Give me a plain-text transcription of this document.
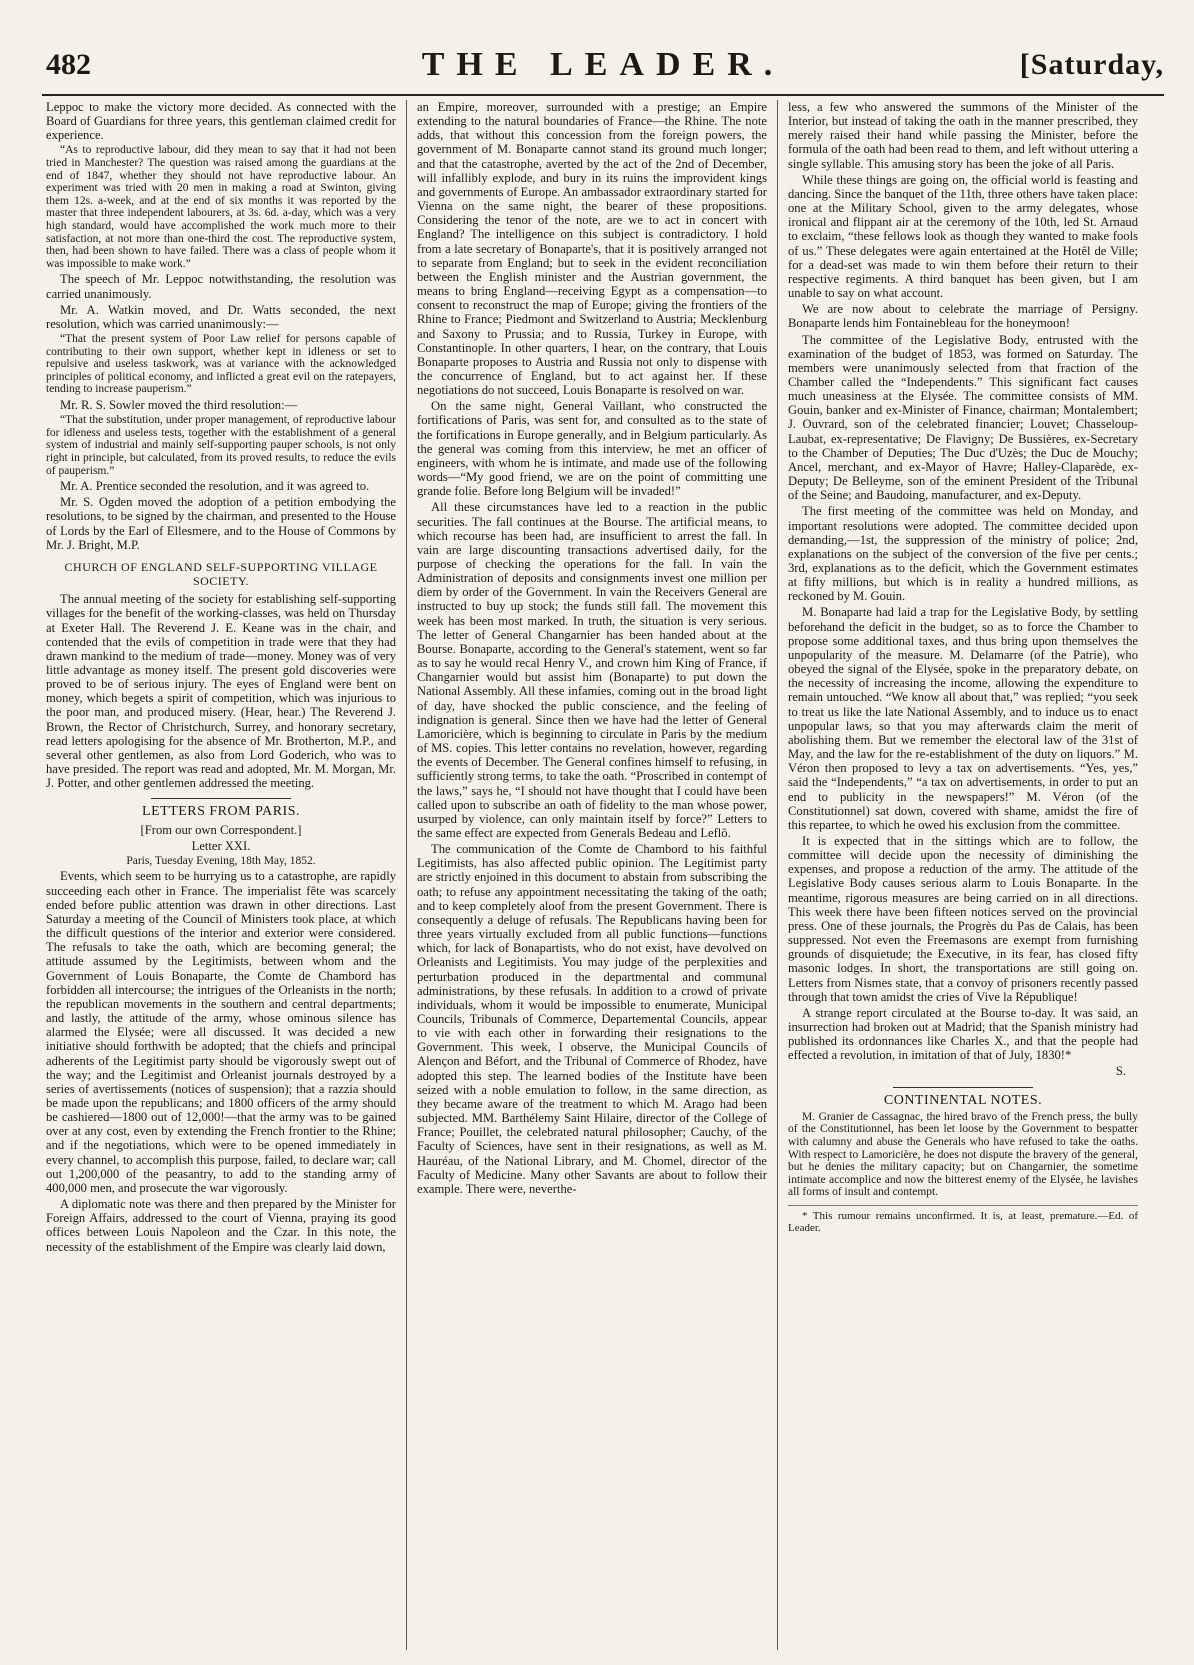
482	THE LEADER.	[Saturday,

Leppoc to make the victory more decided. As connected with the Board of Guardians for three years, this gentleman claimed credit for experience.

“As to reproductive labour, did they mean to say that it had not been tried in Manchester? The question was raised among the guardians at the end of 1847, whether they should not have reproductive labour. An experiment was tried with 20 men in making a road at Swinton, giving them 12s. a-week, and at the end of six months it was reported by the master that three independent labourers, at 3s. 6d. a-day, which was a very high standard, would have accomplished the work much more to their satisfaction, at not more than one-third the cost. The reproductive system, then, had been shown to have failed. There was a class of people whom it was impossible to make work.”

The speech of Mr. Leppoc notwithstanding, the resolution was carried unanimously.

Mr. A. Watkin moved, and Dr. Watts seconded, the next resolution, which was carried unanimously:—

“That the present system of Poor Law relief for persons capable of contributing to their own support, whether kept in idleness or set to repulsive and useless taskwork, was at variance with the acknowledged principles of political economy, and inflicted a great evil on the ratepayers, tending to increase pauperism.”

Mr. R. S. Sowler moved the third resolution:—

“That the substitution, under proper management, of reproductive labour for idleness and useless tests, together with the establishment of a general system of industrial and mainly self-supporting pauper schools, is not only right in principle, but calculated, from its proved results, to reduce the evils of pauperism.”

Mr. A. Prentice seconded the resolution, and it was agreed to.

Mr. S. Ogden moved the adoption of a petition embodying the resolutions, to be signed by the chairman, and presented to the House of Lords by the Earl of Ellesmere, and to the House of Commons by Mr. J. Bright, M.P.

CHURCH OF ENGLAND SELF-SUPPORTING VILLAGE SOCIETY.

The annual meeting of the society for establishing self-supporting villages for the benefit of the working-classes, was held on Thursday at Exeter Hall. The Reverend J. E. Keane was in the chair, and contended that the evils of competition in trade were that they had drawn mankind to the medium of trade—money. Money was of very little advantage as money itself. The present gold discoveries were proved to be of serious injury. The eyes of England were bent on money, which begets a spirit of competition, which was injurious to the poor man, and produced misery. (Hear, hear.) The Reverend J. Brown, the Rector of Christchurch, Surrey, and honorary secretary, read letters apologising for the absence of Mr. Brotherton, M.P., and several other gentlemen, as also from Lord Goderich, who was to have presided. The report was read and adopted, Mr. M. Morgan, Mr. J. Potter, and other gentlemen addressed the meeting.

LETTERS FROM PARIS.

[From our own Correspondent.]

Letter XXI.

Paris, Tuesday Evening, 18th May, 1852.

Events, which seem to be hurrying us to a catastrophe, are rapidly succeeding each other in France. The imperialist fête was scarcely ended before public attention was drawn in other directions. Last Saturday a meeting of the Council of Ministers took place, at which the difficult questions of the interior and exterior were considered. The refusals to take the oath, which are becoming general; the attitude assumed by the Legitimists, between whom and the Government of Louis Bonaparte, the Comte de Chambord has forbidden all intercourse; the intrigues of the Orleanists in the north; the republican movements in the southern and central departments; and lastly, the attitude of the army, whose ominous silence has alarmed the Elysée; were all discussed. It was decided a new initiative should forthwith be adopted; that the chiefs and principal adherents of the Legitimist party should be vigorously swept out of the way; and the Legitimist and Orleanist journals destroyed by a series of avertissements (notices of suspension); that a razzia should be made upon the republicans; and 1800 officers of the army should be cashiered—1800 out of 12,000!—that the army was to be gained over at any cost, even by extending the French frontier to the Rhine; and if the negotiations, which were to be opened immediately in every channel, to accomplish this purpose, failed, to declare war; call out 1,200,000 of the peasantry, to add to the standing army of 400,000 men, and prosecute the war vigorously.

A diplomatic note was there and then prepared by the Minister for Foreign Affairs, addressed to the court of Vienna, praying its good offices between Louis Napoleon and the Czar. In this note, the necessity of the establishment of the Empire was clearly laid down,

an Empire, moreover, surrounded with a prestige; an Empire extending to the natural boundaries of France—the Rhine. The note adds, that without this concession from the foreign powers, the government of M. Bonaparte cannot stand its ground much longer; and that the catastrophe, averted by the act of the 2nd of December, will infallibly explode, and bury in its ruins the improvident kings and governments of Europe. An ambassador extraordinary started for Vienna on the same night, the bearer of these propositions. Considering the tenor of the note, are we to act in concert with England? The intelligence on this subject is contradictory. I hold from a late secretary of Bonaparte's, that it is positively arranged not to separate from England; but to seek in the evident reconciliation between the English minister and the Austrian government, the means to bring England—receiving Egypt as a compensation—to consent to reconstruct the map of Europe; giving the frontiers of the Rhine to France; Piedmont and Switzerland to Austria; Mecklenburg and Saxony to Prussia; and to Russia, Turkey in Europe, with Constantinople. In other quarters, I hear, on the contrary, that Louis Bonaparte proposes to Austria and Russia not only to dispense with the concurrence of England, but to act against her. If these negotiations do not succeed, Louis Bonaparte is resolved on war.

On the same night, General Vaillant, who constructed the fortifications of Paris, was sent for, and consulted as to the state of the fortifications in Europe generally, and in Belgium particularly. As the general was coming from this interview, he met an officer of engineers, with whom he is intimate, and made use of the following words—“My good friend, we are on the point of committing une grande folie. Before long Belgium will be invaded!”

All these circumstances have led to a reaction in the public securities. The fall continues at the Bourse. The artificial means, to which recourse has been had, are insufficient to arrest the fall. In vain are large discounting transactions advertised daily, for the purpose of checking the operations for the fall. In vain the Administration of deposits and consignments invest one million per diem by order of the Government. In vain the Receivers General are instructed to buy up stock; the funds still fall. The movement this week has been most marked. In truth, the situation is very serious. The letter of General Changarnier has been handed about at the Bourse. Bonaparte, according to the General's statement, went so far as to say he would recal Henry V., and crown him King of France, if Changarnier would but assist him (Bonaparte) to put down the National Assembly. All these infamies, coming out in the broad light of day, have shocked the public conscience, and the feeling of indignation is general. Since then we have had the letter of General Lamoricière, which is beginning to circulate in Paris by the medium of MS. copies. This letter contains no revelation, however, regarding the events of December. The General confines himself to refusing, in sufficiently strong terms, to take the oath. “Proscribed in contempt of the laws,” says he, “I should not have thought that I could have been called upon to subscribe an oath of fidelity to the man whose power, usurped by violence, can only maintain itself by force?” Letters to the same effect are expected from Generals Bedeau and Leflô.

The communication of the Comte de Chambord to his faithful Legitimists, has also affected public opinion. The Legitimist party are strictly enjoined in this document to abstain from subscribing the oath; to refuse any appointment necessitating the taking of the oath; and to keep completely aloof from the present Government. There is consequently a deluge of refusals. The Republicans having been for three years virtually excluded from all public functions—functions which, for lack of Bonapartists, who do not exist, have devolved on Orleanists and Legitimists. You may judge of the perplexities and perturbation produced in the departmental and communal administrations, by these refusals. In addition to a crowd of private individuals, whom it would be impossible to enumerate, Municipal Councils, Tribunals of Commerce, Departemental Councils, appear to vie with each other in forwarding their resignations to the Government. This week, I observe, the Municipal Councils of Alençon and Béfort, and the Tribunal of Commerce of Rhodez, have adopted this step. The learned bodies of the Institute have been seized with a noble emulation to follow, in the same direction, as they became aware of the treatment to which M. Arago had been subjected. MM. Barthélemy Saint Hilaire, director of the College of France; Pouillet, the celebrated natural philosopher; Cauchy, of the Faculty of Sciences, have sent in their resignations, as well as M. Hauréau, of the National Library, and M. Chomel, director of the Faculty of Medicine. Many other Savants are about to follow their example. There were, neverthe-

less, a few who answered the summons of the Minister of the Interior, but instead of taking the oath in the manner prescribed, they merely raised their hand while passing the Minister, before the formula of the oath had been read to them, and left without uttering a single syllable. This amusing story has been the joke of all Paris.

While these things are going on, the official world is feasting and dancing. Since the banquet of the 11th, three others have taken place: one at the Military School, given to the army delegates, whose ironical and flippant air at the ceremony of the 10th, led St. Arnaud to exclaim, “these fellows look as though they wanted to make fools of us.” These delegates were again entertained at the Hotêl de Ville; for a dead-set was made to win them before their return to their respective regiments. A third banquet has been given, but I am unable to say on what account.

We are now about to celebrate the marriage of Persigny. Bonaparte lends him Fontainebleau for the honeymoon!

The committee of the Legislative Body, entrusted with the examination of the budget of 1853, was formed on Saturday. The members were unanimously selected from that fraction of the Chamber called the “Independents.” This significant fact causes much uneasiness at the Elysée. The committee consists of MM. Gouin, banker and ex-Minister of Finance, chairman; Montalembert; J. Ouvrard, son of the celebrated financier; Louvet; Chasseloup-Laubat, ex-representative; De Flavigny; De Bussières, ex-Secretary to the Chamber of Deputies; The Duc d'Uzès; the Duc de Mouchy; Ancel, merchant, and ex-Mayor of Havre; Halley-Claparède, ex-Deputy; De Belleyme, son of the eminent President of the Tribunal of the Seine; and Baudoing, manufacturer, and ex-Deputy.

The first meeting of the committee was held on Monday, and important resolutions were adopted. The committee decided upon demanding,—1st, the suppression of the ministry of police; 2nd, explanations on the subject of the conversion of the five per cents.; 3rd, explanations as to the deficit, which the Government estimates at fifty millions, but which is in reality a hundred millions, as reckoned by M. Gouin.

M. Bonaparte had laid a trap for the Legislative Body, by settling beforehand the deficit in the budget, so as to force the Chamber to propose some additional taxes, and thus bring upon themselves the unpopularity of the measure. M. Delamarre (of the Patrie), who obeyed the signal of the Elysée, spoke in the preparatory debate, on the necessity of increasing the income, allowing the expenditure to remain untouched. “We know all about that,” was replied; “you seek to treat us like the late National Assembly, and to induce us to enact unpopular laws, so that you may afterwards claim the merit of abolishing them. But we remember the electoral law of the 31st of May, and the law for the re-establishment of the duty on liquors.” M. Véron then proposed to levy a tax on advertisements. “Yes, yes,” said the “Independents,” “a tax on advertisements, in order to put an end to publicity in the newspapers!” M. Véron (of the Constitutionnel) sat down, covered with shame, amidst the fire of this repartee, to which he owed his exclusion from the committee.

It is expected that in the sittings which are to follow, the committee will decide upon the necessity of diminishing the expenses, and propose a reduction of the army. The attitude of the Legislative Body causes serious alarm to Louis Bonaparte. In the meantime, rigorous measures are being carried on in all directions. This week there have been fifteen notices served on the provincial press. One of these journals, the Progrès du Pas de Calais, has been suppressed. Not even the Freemasons are exempt from furnishing grounds of disquietude; the Executive, in its fear, has closed fifty masonic lodges. In short, the transportations are still going on. Letters from Nismes state, that a convoy of prisoners recently passed through that town amidst the cries of Vive la République!

A strange report circulated at the Bourse to-day. It was said, an insurrection had broken out at Madrid; that the Spanish ministry had published its ordonnances like Charles X., and that the people had effected a revolution, in imitation of that of July, 1830!*

S.

CONTINENTAL NOTES.

M. Granier de Cassagnac, the hired bravo of the French press, the bully of the Constitutionnel, has been let loose by the Government to bespatter with calumny and abuse the Generals who have refused to take the oaths. With respect to Lamoricière, he does not dispute the bravery of the general, but he denies the military capacity; but on Changarnier, the sometime intimate accomplice and now the bitterest enemy of the Elysée, he lavishes all forms of insult and contempt.

* This rumour remains unconfirmed. It is, at least, premature.—Ed. of Leader.
